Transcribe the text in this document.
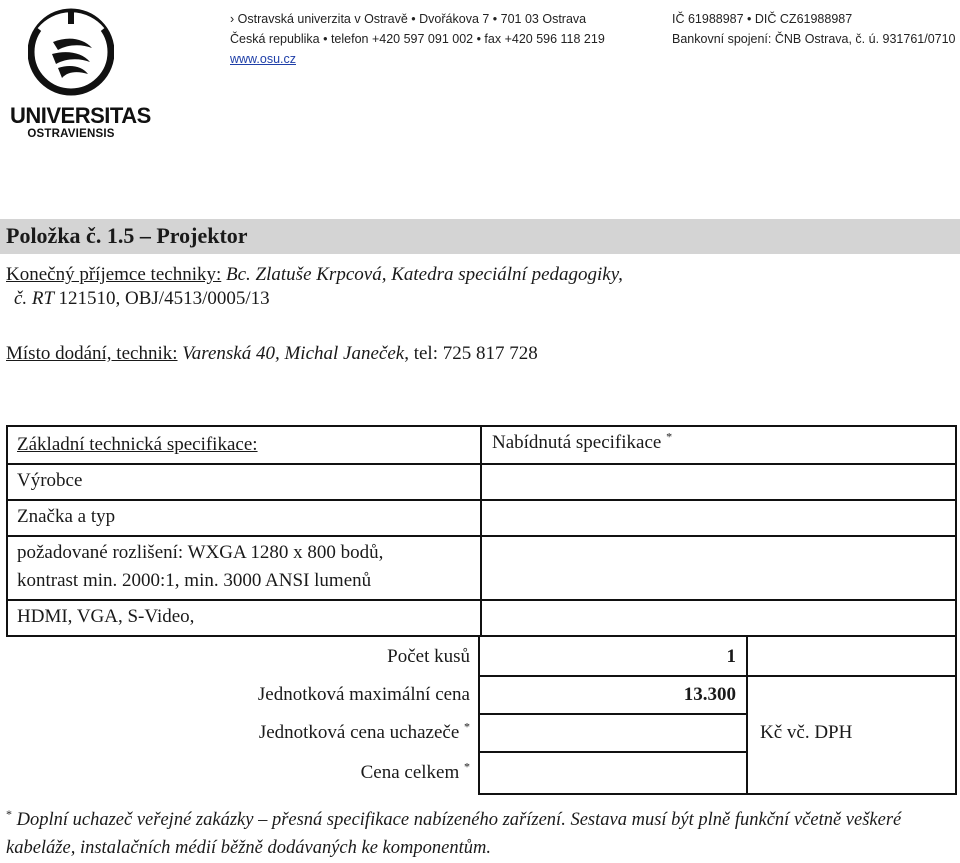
UNIVERSITAS
OSTRAVIENSIS
› Ostravská univerzita v Ostravě • Dvořákova 7 • 701 03 Ostrava
Česká republika • telefon +420 597 091 002 • fax +420 596 118 219
www.osu.cz
IČ 61988987 • DIČ CZ61988987
Bankovní spojení: ČNB Ostrava, č. ú. 931761/0710
Položka č. 1.5 – Projektor
Konečný příjemce techniky: Bc. Zlatuše Krpcová, Katedra speciální pedagogiky,
č. RT 121510, OBJ/4513/0005/13
Místo dodání, technik: Varenská 40, Michal Janeček, tel: 725 817 728
Základní technická specifikace:	Nabídnutá specifikace *
Výrobce
Značka a typ
požadované rozlišení: WXGA 1280 x 800 bodů,
kontrast min. 2000:1, min. 3000 ANSI lumenů
HDMI, VGA, S-Video,
1
13.300
Kč vč. DPH
Počet kusů
Jednotková maximální cena
Jednotková cena uchazeče *
Cena celkem *
* Doplní uchazeč veřejné zakázky – přesná specifikace nabízeného zařízení. Sestava musí být plně funkční včetně veškeré kabeláže, instalačních médií běžně dodávaných ke komponentům.
